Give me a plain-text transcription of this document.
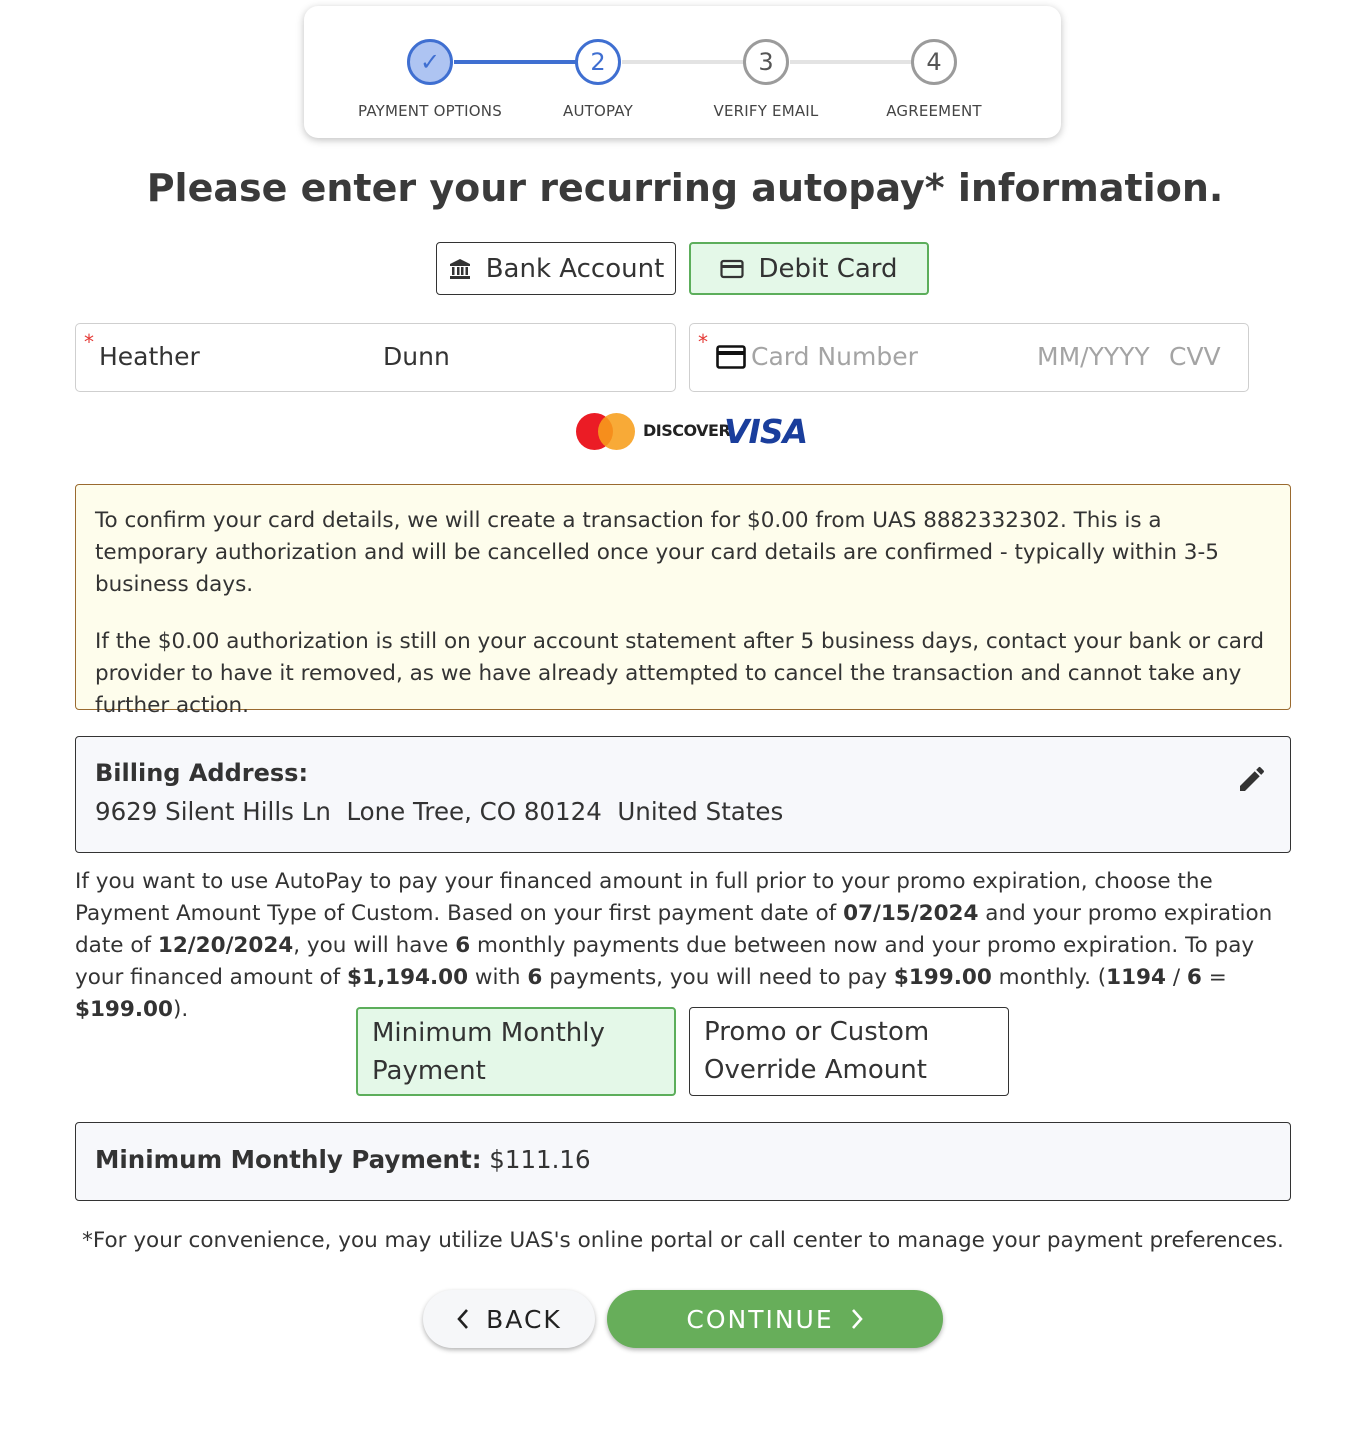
✓	2	3	4
PAYMENT OPTIONS	AUTOPAY	VERIFY EMAIL	AGREEMENT
Please enter your recurring autopay* information.
Bank Account	Debit Card
* Heather	Dunn	* Card Number	MM/YYYY CVV
DISCOVER
VISA

To confirm your card details, we will create a transaction for $0.00 from UAS 8882332302. This is a temporary authorization and will be cancelled once your card details are confirmed - typically within 3-5 business days.

If the $0.00 authorization is still on your account statement after 5 business days, contact your bank or card provider to have it removed, as we have already attempted to cancel the transaction and cannot take any further action.

Billing Address:
9629 Silent Hills Ln  Lone Tree, CO 80124  United States
If you want to use AutoPay to pay your financed amount in full prior to your promo expiration, choose the Payment Amount Type of Custom. Based on your first payment date of 07/15/2024 and your promo expiration date of 12/20/2024, you will have 6 monthly payments due between now and your promo expiration. To pay your financed amount of $1,194.00 with 6 payments, you will need to pay $199.00 monthly. (1194 / 6 = $199.00).
Minimum Monthly Payment
Promo or Custom Override Amount
Minimum Monthly Payment: $111.16
*For your convenience, you may utilize UAS's online portal or call center to manage your payment preferences.
BACK	CONTINUE
